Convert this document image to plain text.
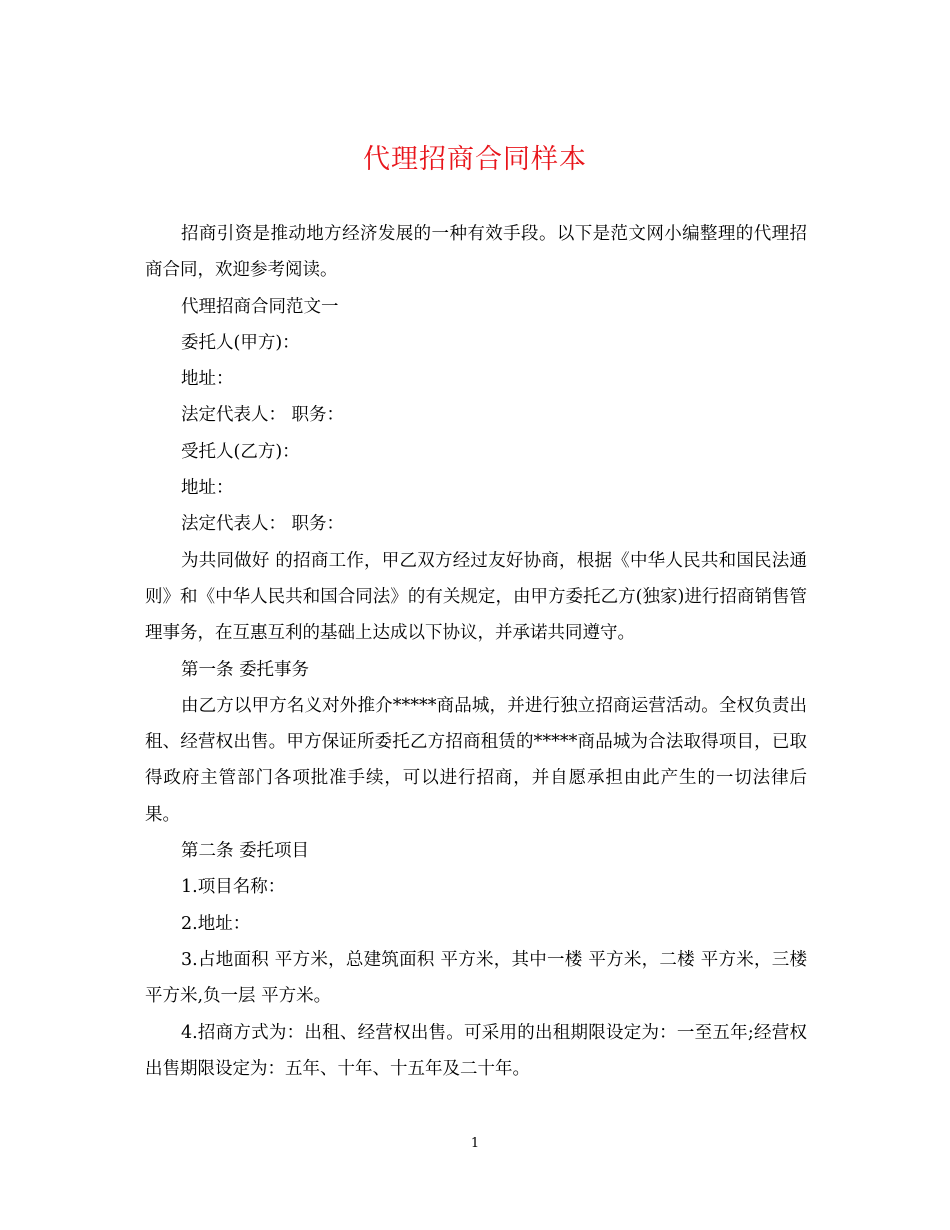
代理招商合同样本

招商引资是推动地方经济发展的一种有效手段。以下是范文网小编整理的代理招商合同，欢迎参考阅读。

代理招商合同范文一

委托人(甲方)：

地址：

法定代表人： 职务：

受托人(乙方)：

地址：

法定代表人： 职务：

为共同做好 的招商工作，甲乙双方经过友好协商，根据《中华人民共和国民法通则》和《中华人民共和国合同法》的有关规定，由甲方委托乙方(独家)进行招商销售管理事务，在互惠互利的基础上达成以下协议，并承诺共同遵守。

第一条 委托事务

由乙方以甲方名义对外推介*****商品城，并进行独立招商运营活动。全权负责出租、经营权出售。甲方保证所委托乙方招商租赁的*****商品城为合法取得项目，已取得政府主管部门各项批准手续，可以进行招商，并自愿承担由此产生的一切法律后果。

第二条 委托项目

1.项目名称：

2.地址：

3.占地面积 平方米，总建筑面积 平方米，其中一楼 平方米，二楼 平方米，三楼 平方米,负一层 平方米。

4.招商方式为：出租、经营权出售。可采用的出租期限设定为：一至五年;经营权出售期限设定为：五年、十年、十五年及二十年。

1
